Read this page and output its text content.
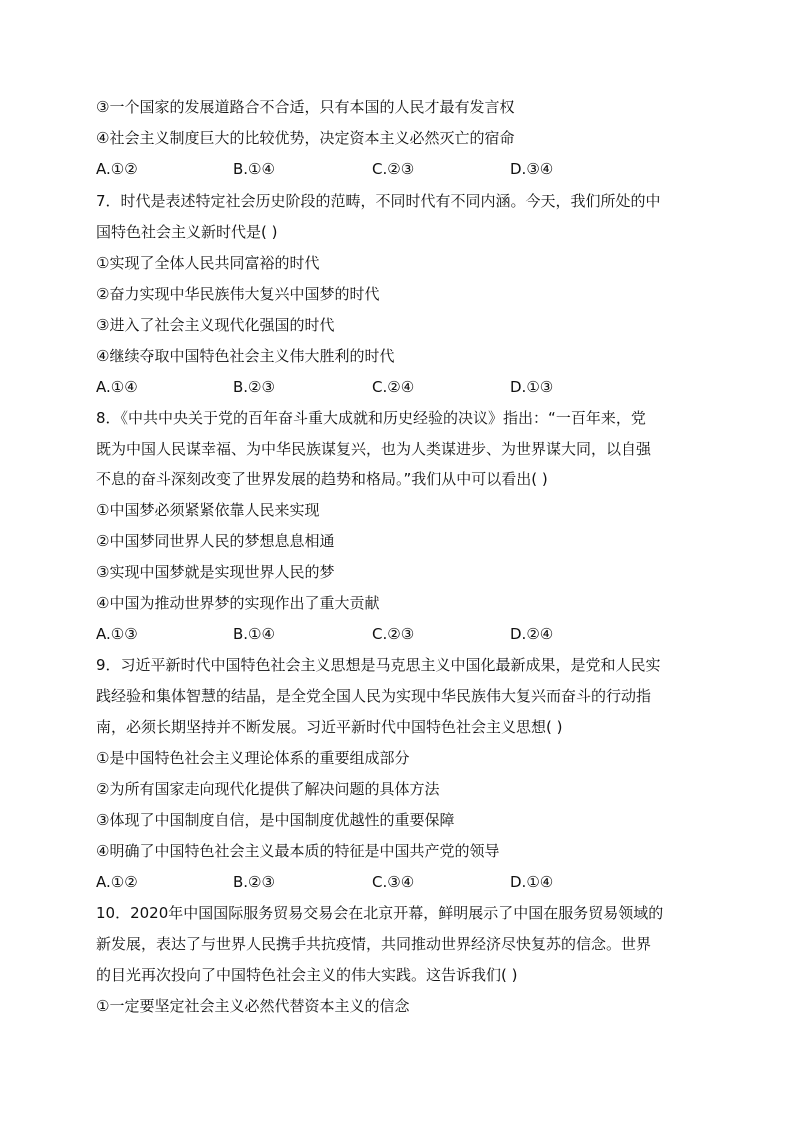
③一个国家的发展道路合不合适，只有本国的人民才最有发言权
④社会主义制度巨大的比较优势，决定资本主义必然灭亡的宿命
A.①②	B.①④	C.②③	D.③④
7．时代是表述特定社会历史阶段的范畴，不同时代有不同内涵。今天，我们所处的中
国特色社会主义新时代是( )
①实现了全体人民共同富裕的时代
②奋力实现中华民族伟大复兴中国梦的时代
③进入了社会主义现代化强国的时代
④继续夺取中国特色社会主义伟大胜利的时代
A.①④	B.②③	C.②④	D.①③
8．《中共中央关于党的百年奋斗重大成就和历史经验的决议》指出：“一百年来，党
既为中国人民谋幸福、为中华民族谋复兴，也为人类谋进步、为世界谋大同，以自强
不息的奋斗深刻改变了世界发展的趋势和格局。”我们从中可以看出( )
①中国梦必须紧紧依靠人民来实现
②中国梦同世界人民的梦想息息相通
③实现中国梦就是实现世界人民的梦
④中国为推动世界梦的实现作出了重大贡献
A.①③	B.①④	C.②③	D.②④
9．习近平新时代中国特色社会主义思想是马克思主义中国化最新成果，是党和人民实
践经验和集体智慧的结晶，是全党全国人民为实现中华民族伟大复兴而奋斗的行动指
南，必须长期坚持并不断发展。习近平新时代中国特色社会主义思想( )
①是中国特色社会主义理论体系的重要组成部分
②为所有国家走向现代化提供了解决问题的具体方法
③体现了中国制度自信，是中国制度优越性的重要保障
④明确了中国特色社会主义最本质的特征是中国共产党的领导
A.①②	B.②③	C.③④	D.①④
10．2020年中国国际服务贸易交易会在北京开幕，鲜明展示了中国在服务贸易领域的
新发展，表达了与世界人民携手共抗疫情，共同推动世界经济尽快复苏的信念。世界
的目光再次投向了中国特色社会主义的伟大实践。这告诉我们( )
①一定要坚定社会主义必然代替资本主义的信念
